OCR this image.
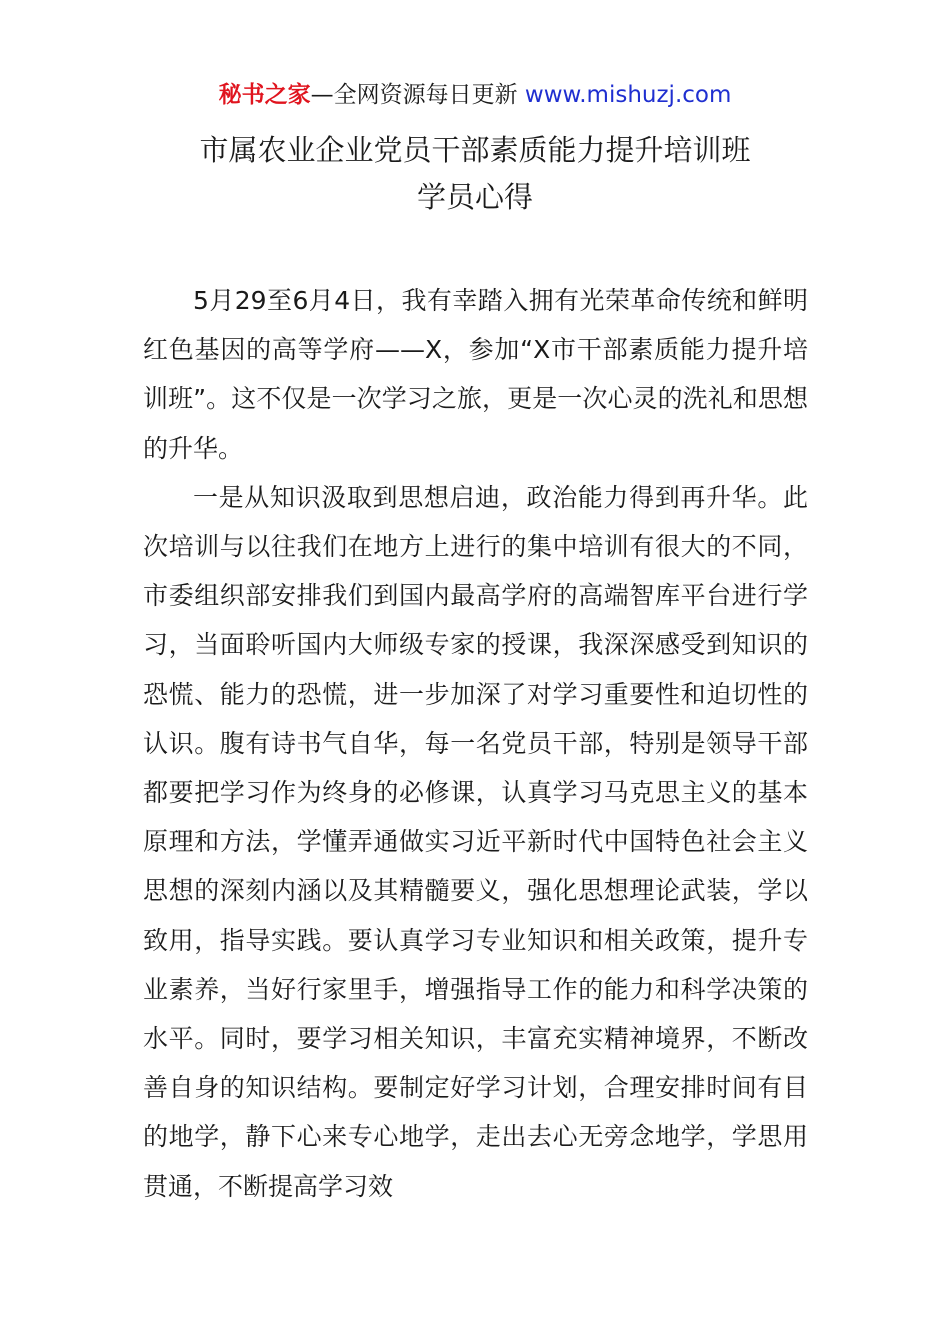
秘书之家—全网资源每日更新 www.mishuzj.com
市属农业企业党员干部素质能力提升培训班
学员心得

5月29至6月4日，我有幸踏入拥有光荣革命传统和鲜明红色基因的高等学府——X，参加“X市干部素质能力提升培训班”。这不仅是一次学习之旅，更是一次心灵的洗礼和思想的升华。

一是从知识汲取到思想启迪，政治能力得到再升华。此次培训与以往我们在地方上进行的集中培训有很大的不同，市委组织部安排我们到国内最高学府的高端智库平台进行学习，当面聆听国内大师级专家的授课，我深深感受到知识的恐慌、能力的恐慌，进一步加深了对学习重要性和迫切性的认识。腹有诗书气自华，每一名党员干部，特别是领导干部都要把学习作为终身的必修课，认真学习马克思主义的基本原理和方法，学懂弄通做实习近平新时代中国特色社会主义思想的深刻内涵以及其精髓要义，强化思想理论武装，学以致用，指导实践。要认真学习专业知识和相关政策，提升专业素养，当好行家里手，增强指导工作的能力和科学决策的水平。同时，要学习相关知识，丰富充实精神境界，不断改善自身的知识结构。要制定好学习计划，合理安排时间有目的地学，静下心来专心地学，走出去心无旁念地学，学思用贯通，不断提高学习效
